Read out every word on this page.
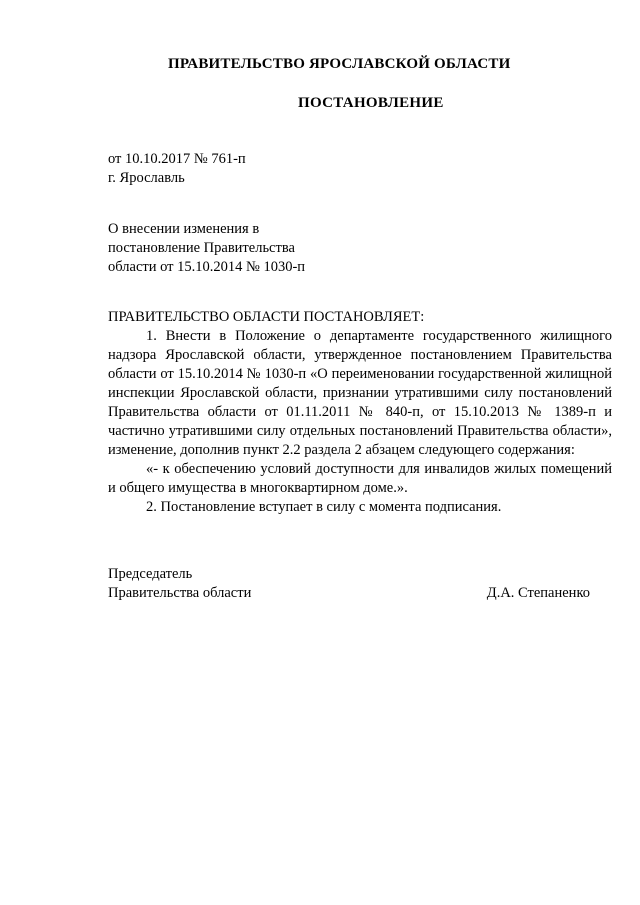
ПРАВИТЕЛЬСТВО ЯРОСЛАВСКОЙ ОБЛАСТИ
ПОСТАНОВЛЕНИЕ
от 10.10.2017 № 761-п
г. Ярославль
О внесении изменения в
постановление Правительства
области от 15.10.2014 № 1030-п
ПРАВИТЕЛЬСТВО ОБЛАСТИ ПОСТАНОВЛЯЕТ:

1. Внести в Положение о департаменте государственного жилищного надзора Ярославской области, утвержденное постановлением Правительства области от 15.10.2014 № 1030-п «О переименовании государственной жилищной инспекции Ярославской области, признании утратившими силу постановлений Правительства области от 01.11.2011 № 840-п, от 15.10.2013 № 1389-п и частично утратившими силу отдельных постановлений Правительства области», изменение, дополнив пункт 2.2 раздела 2 абзацем следующего содержания:

«- к обеспечению условий доступности для инвалидов жилых помещений и общего имущества в многоквартирном доме.».

2. Постановление вступает в силу с момента подписания.

Председатель
Правительства области	Д.А. Степаненко
